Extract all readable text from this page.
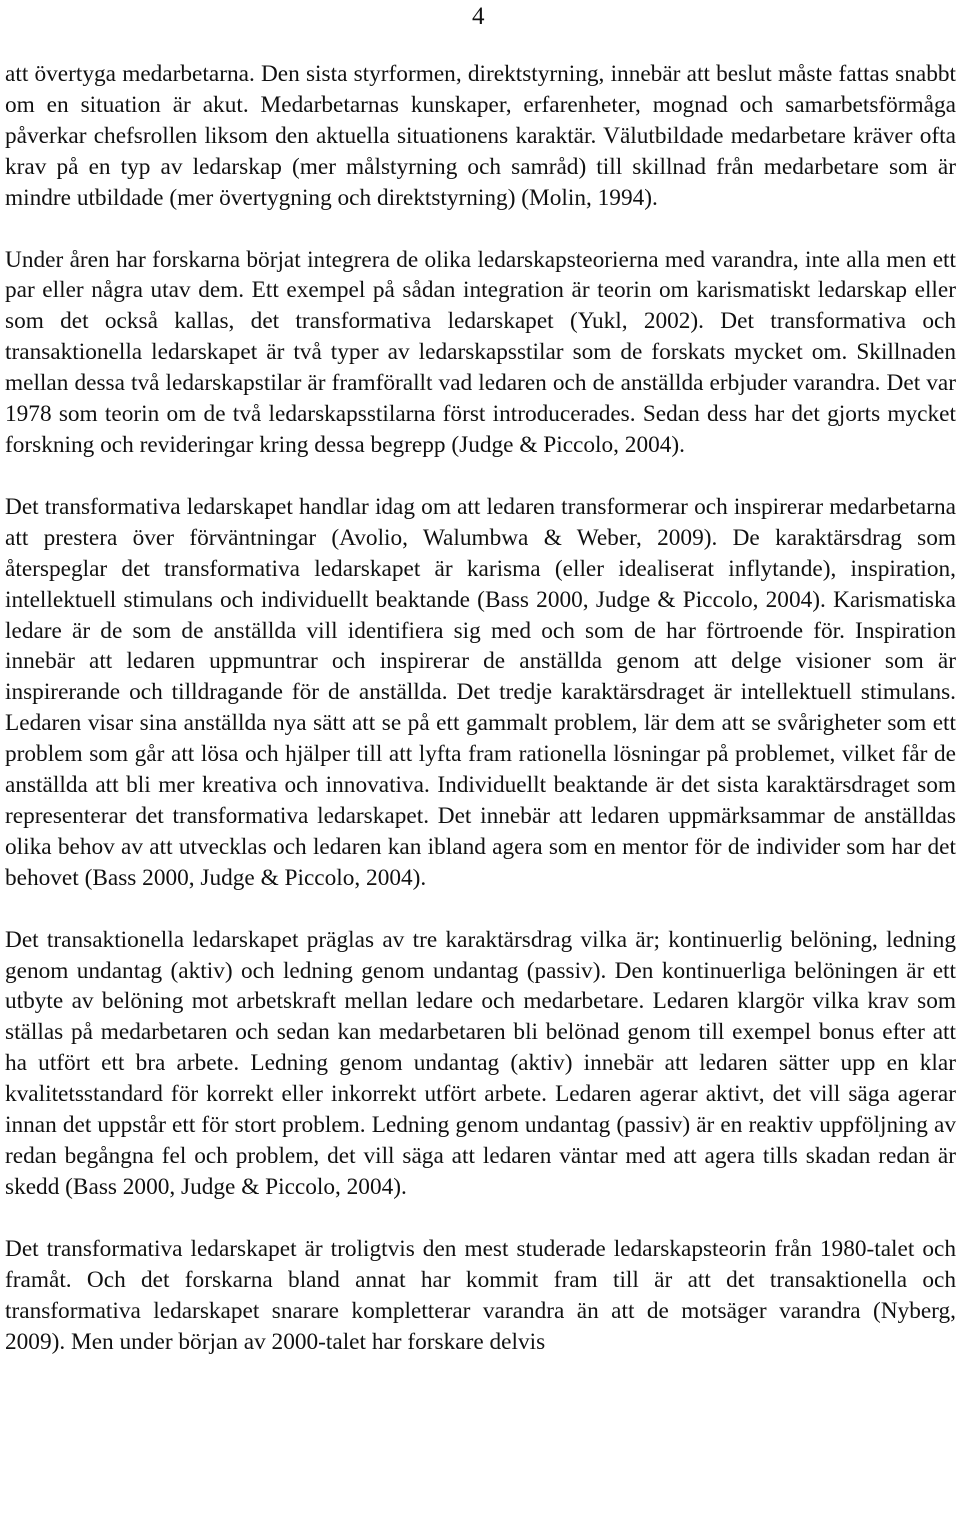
4

att övertyga medarbetarna. Den sista styrformen, direktstyrning, innebär att beslut måste fattas snabbt om en situation är akut. Medarbetarnas kunskaper, erfarenheter, mognad och samarbetsförmåga påverkar chefsrollen liksom den aktuella situationens karaktär. Välutbildade medarbetare kräver ofta krav på en typ av ledarskap (mer målstyrning och samråd) till skillnad från medarbetare som är mindre utbildade (mer övertygning och direktstyrning) (Molin, 1994).

Under åren har forskarna börjat integrera de olika ledarskapsteorierna med varandra, inte alla men ett par eller några utav dem. Ett exempel på sådan integration är teorin om karismatiskt ledarskap eller som det också kallas, det transformativa ledarskapet (Yukl, 2002). Det transformativa och transaktionella ledarskapet är två typer av ledarskapsstilar som de forskats mycket om. Skillnaden mellan dessa två ledarskapstilar är framförallt vad ledaren och de anställda erbjuder varandra. Det var 1978 som teorin om de två ledarskapsstilarna först introducerades. Sedan dess har det gjorts mycket forskning och revideringar kring dessa begrepp (Judge & Piccolo, 2004).

Det transformativa ledarskapet handlar idag om att ledaren transformerar och inspirerar medarbetarna att prestera över förväntningar (Avolio, Walumbwa & Weber, 2009). De karaktärsdrag som återspeglar det transformativa ledarskapet är karisma (eller idealiserat inflytande), inspiration, intellektuell stimulans och individuellt beaktande (Bass 2000, Judge & Piccolo, 2004). Karismatiska ledare är de som de anställda vill identifiera sig med och som de har förtroende för. Inspiration innebär att ledaren uppmuntrar och inspirerar de anställda genom att delge visioner som är inspirerande och tilldragande för de anställda. Det tredje karaktärsdraget är intellektuell stimulans. Ledaren visar sina anställda nya sätt att se på ett gammalt problem, lär dem att se svårigheter som ett problem som går att lösa och hjälper till att lyfta fram rationella lösningar på problemet, vilket får de anställda att bli mer kreativa och innovativa. Individuellt beaktande är det sista karaktärsdraget som representerar det transformativa ledarskapet. Det innebär att ledaren uppmärksammar de anställdas olika behov av att utvecklas och ledaren kan ibland agera som en mentor för de individer som har det behovet (Bass 2000, Judge & Piccolo, 2004).

Det transaktionella ledarskapet präglas av tre karaktärsdrag vilka är; kontinuerlig belöning, ledning genom undantag (aktiv) och ledning genom undantag (passiv). Den kontinuerliga belöningen är ett utbyte av belöning mot arbetskraft mellan ledare och medarbetare. Ledaren klargör vilka krav som ställas på medarbetaren och sedan kan medarbetaren bli belönad genom till exempel bonus efter att ha utfört ett bra arbete. Ledning genom undantag (aktiv) innebär att ledaren sätter upp en klar kvalitetsstandard för korrekt eller inkorrekt utfört arbete. Ledaren agerar aktivt, det vill säga agerar innan det uppstår ett för stort problem. Ledning genom undantag (passiv) är en reaktiv uppföljning av redan begångna fel och problem, det vill säga att ledaren väntar med att agera tills skadan redan är skedd (Bass 2000, Judge & Piccolo, 2004).

Det transformativa ledarskapet är troligtvis den mest studerade ledarskapsteorin från 1980-talet och framåt. Och det forskarna bland annat har kommit fram till är att det transaktionella och transformativa ledarskapet snarare kompletterar varandra än att de motsäger varandra (Nyberg, 2009). Men under början av 2000-talet har forskare delvis
